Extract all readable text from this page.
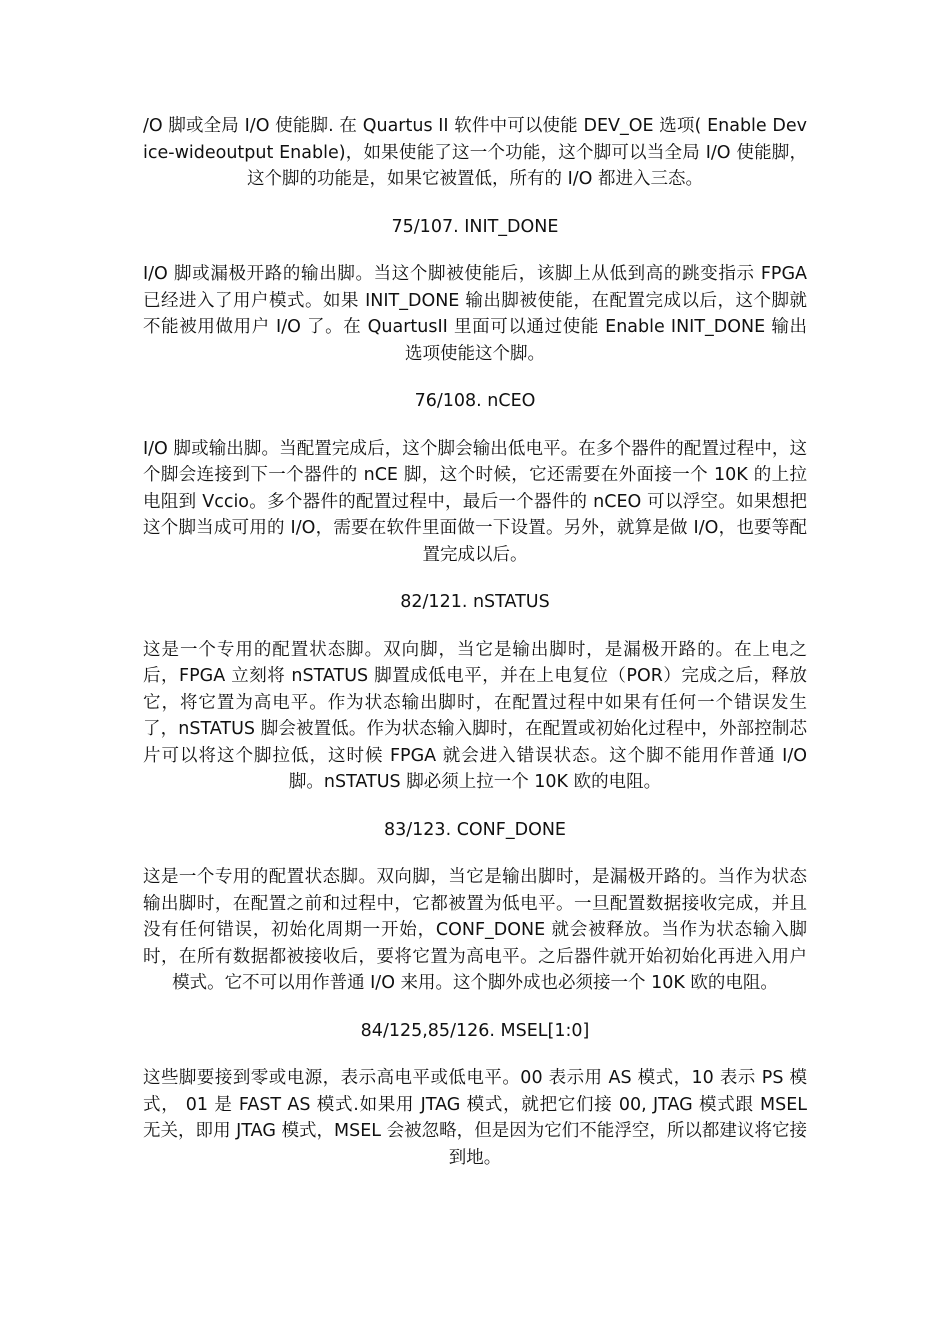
/O 脚或全局 I/O 使能脚. 在 Quartus II 软件中可以使能 DEV_OE 选项( Enable Device-wideoutput Enable)，如果使能了这一个功能，这个脚可以当全局 I/O 使能脚，这个脚的功能是，如果它被置低，所有的 I/O 都进入三态。

75/107. INIT_DONE

I/O 脚或漏极开路的输出脚。当这个脚被使能后，该脚上从低到高的跳变指示 FPGA 已经进入了用户模式。如果 INIT_DONE 输出脚被使能，在配置完成以后，这个脚就不能被用做用户 I/O 了。在 QuartusII 里面可以通过使能 Enable INIT_DONE 输出选项使能这个脚。

76/108. nCEO

I/O 脚或输出脚。当配置完成后，这个脚会输出低电平。在多个器件的配置过程中，这个脚会连接到下一个器件的 nCE 脚，这个时候，它还需要在外面接一个 10K 的上拉电阻到 Vccio。多个器件的配置过程中，最后一个器件的 nCEO 可以浮空。如果想把这个脚当成可用的 I/O，需要在软件里面做一下设置。另外，就算是做 I/O，也要等配置完成以后。

82/121. nSTATUS

这是一个专用的配置状态脚。双向脚，当它是输出脚时，是漏极开路的。在上电之后，FPGA 立刻将 nSTATUS 脚置成低电平，并在上电复位（POR）完成之后，释放它，将它置为高电平。作为状态输出脚时，在配置过程中如果有任何一个错误发生了，nSTATUS 脚会被置低。作为状态输入脚时，在配置或初始化过程中，外部控制芯片可以将这个脚拉低，这时候 FPGA 就会进入错误状态。这个脚不能用作普通 I/O 脚。nSTATUS 脚必须上拉一个 10K 欧的电阻。

83/123. CONF_DONE

这是一个专用的配置状态脚。双向脚，当它是输出脚时，是漏极开路的。当作为状态输出脚时，在配置之前和过程中，它都被置为低电平。一旦配置数据接收完成，并且没有任何错误，初始化周期一开始，CONF_DONE 就会被释放。当作为状态输入脚时，在所有数据都被接收后，要将它置为高电平。之后器件就开始初始化再进入用户模式。它不可以用作普通 I/O 来用。这个脚外成也必须接一个 10K 欧的电阻。

84/125,85/126. MSEL[1:0]

这些脚要接到零或电源，表示高电平或低电平。00 表示用 AS 模式，10 表示 PS 模式， 01 是 FAST AS 模式.如果用 JTAG 模式，就把它们接 00, JTAG 模式跟 MSEL 无关，即用 JTAG 模式，MSEL 会被忽略，但是因为它们不能浮空，所以都建议将它接到地。
